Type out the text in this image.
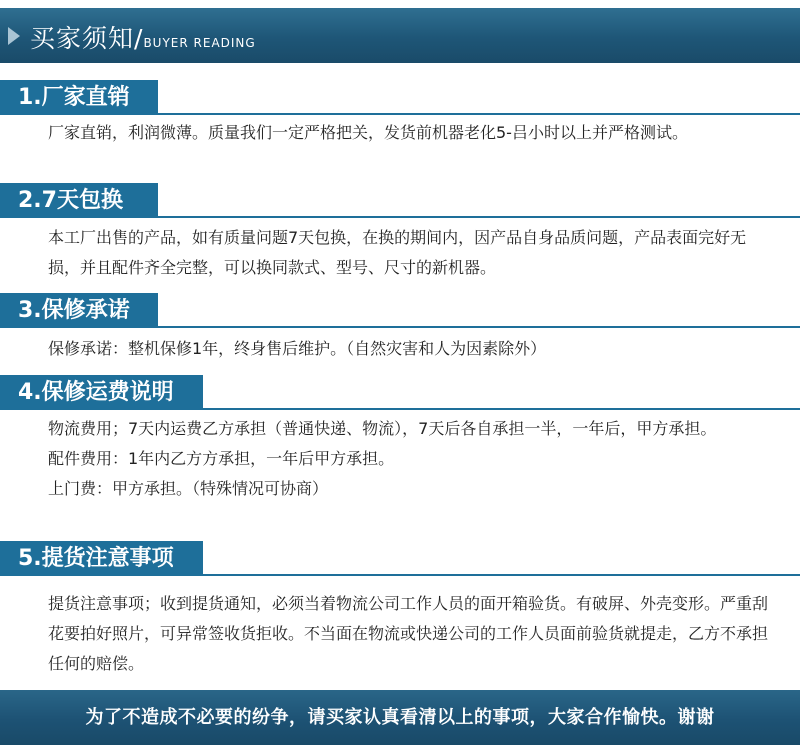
买家须知/BUYER READING
1.厂家直销

厂家直销，利润微薄。质量我们一定严格把关，发货前机器老化5-吕小时以上并严格测试。

2.7天包换

本工厂出售的产品，如有质量问题7天包换，在换的期间内，因产品自身品质问题，产品表面完好无损，并且配件齐全完整，可以换同款式、型号、尺寸的新机器。

3.保修承诺

保修承诺：整机保修1年，终身售后维护。（自然灾害和人为因素除外）

4.保修运费说明

物流费用；7天内运费乙方承担（普通快递、物流），7天后各自承担一半，一年后，甲方承担。

配件费用：1年内乙方方承担，一年后甲方承担。

上门费：甲方承担。（特殊情况可协商）

5.提货注意事项

提货注意事项；收到提货通知，必须当着物流公司工作人员的面开箱验货。有破屏、外壳变形。严重刮花要拍好照片，可异常签收货拒收。不当面在物流或快递公司的工作人员面前验货就提走，乙方不承担任何的赔偿。

为了不造成不必要的纷争，请买家认真看清以上的事项，大家合作愉快。谢谢
